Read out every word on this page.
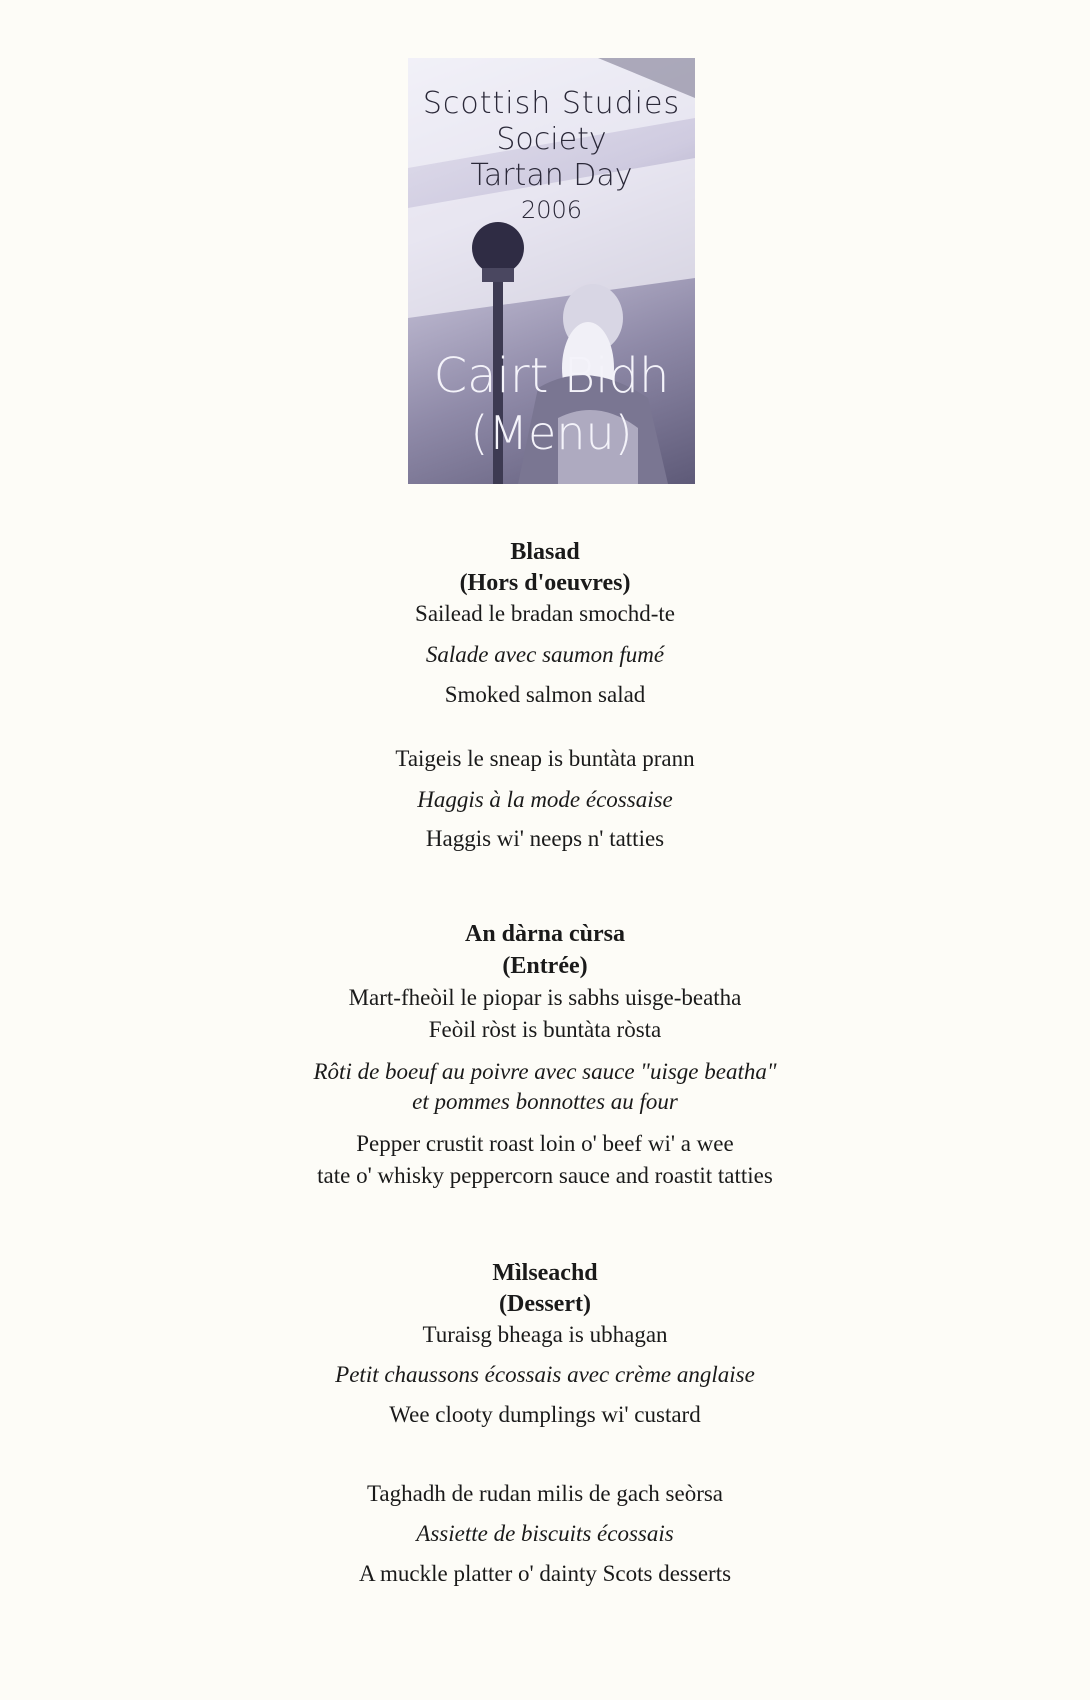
Scottish Studies
Society
Tartan Day
2006
Cairt Bidh
(Menu)
Blasad
(Hors d'oeuvres)
Sailead le bradan smochd-te
Salade avec saumon fumé
Smoked salmon salad
Taigeis le sneap is buntàta prann
Haggis à la mode écossaise
Haggis wi' neeps n' tatties
An dàrna cùrsa
(Entrée)
Mart-fheòil le piopar is sabhs uisge-beatha
Feòil ròst is buntàta ròsta
Rôti de boeuf au poivre avec sauce "uisge beatha"
et pommes bonnottes au four
Pepper crustit roast loin o' beef wi' a wee
tate o' whisky peppercorn sauce and roastit tatties
Mìlseachd
(Dessert)
Turaisg bheaga is ubhagan
Petit chaussons écossais avec crème anglaise
Wee clooty dumplings wi' custard
Taghadh de rudan milis de gach seòrsa
Assiette de biscuits écossais
A muckle platter o' dainty Scots desserts
